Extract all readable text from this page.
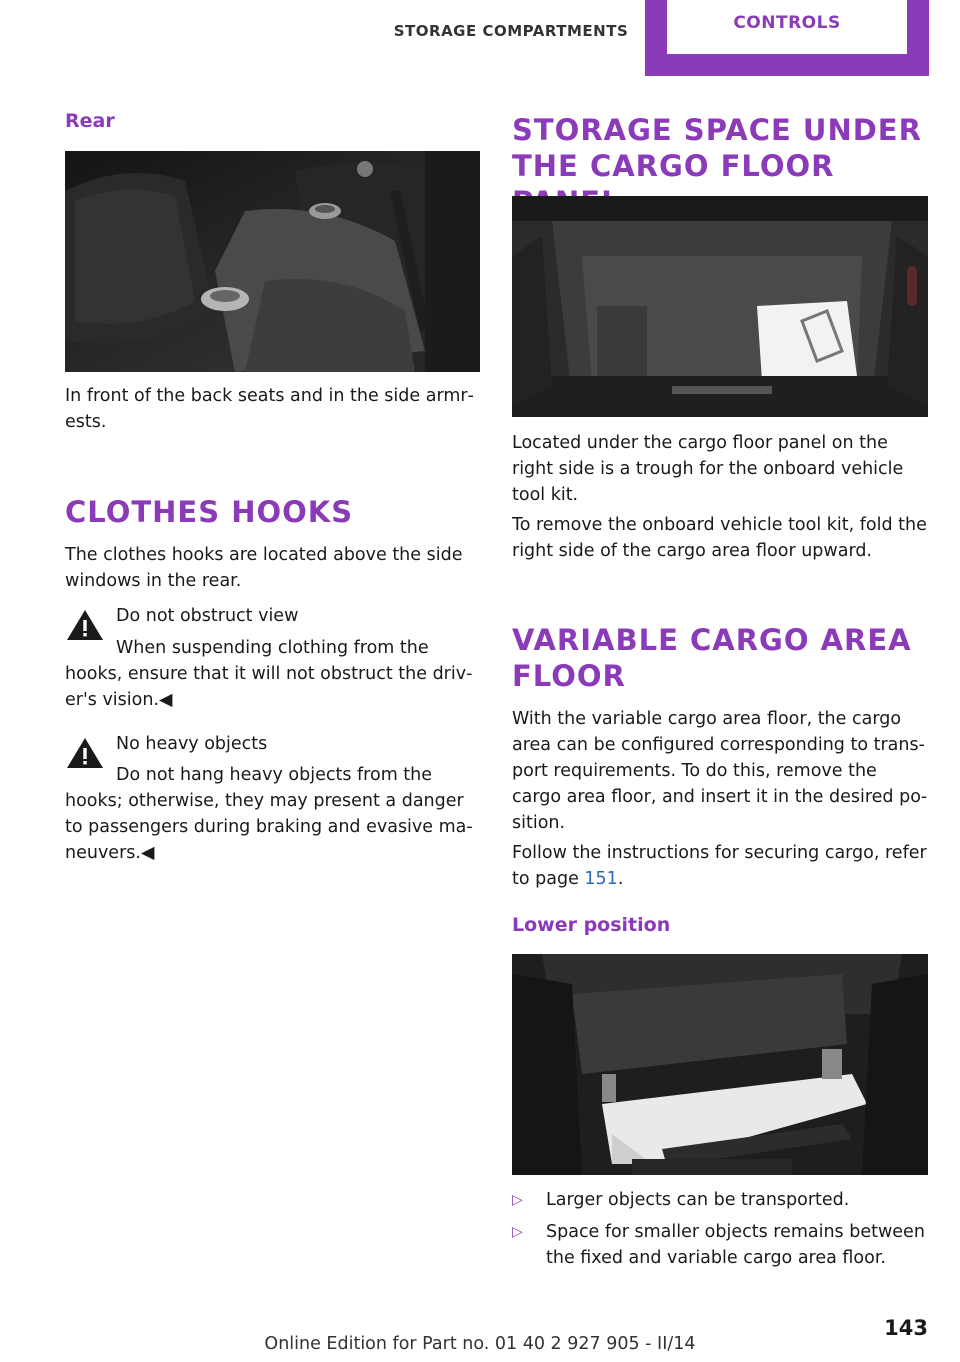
STORAGE COMPARTMENTS	CONTROLS
Rear
In front of the back seats and in the side armr‐ests.
CLOTHES HOOKS
The clothes hooks are located above the side windows in the rear.
Do not obstruct view
When suspending clothing from the hooks, ensure that it will not obstruct the driv‐er's vision.◀
No heavy objects
Do not hang heavy objects from the hooks; otherwise, they may present a danger to passengers during braking and evasive ma‐neuvers.◀
STORAGE SPACE UNDER THE CARGO FLOOR
Located under the cargo floor panel on the right side is a trough for the onboard vehicle tool kit.
To remove the onboard vehicle tool kit, fold the right side of the cargo area floor upward.
VARIABLE CARGO AREA FLOOR
With the variable cargo area floor, the cargo area can be configured corresponding to trans‐port requirements. To do this, remove the cargo area floor, and insert it in the desired po‐sition.
Follow the instructions for securing cargo, refer to page 151.
Lower position
▷ Larger objects can be transported.
▷ Space for smaller objects remains between the fixed and variable cargo area floor.
143
Online Edition for Part no. 01 40 2 927 905 - II/14
